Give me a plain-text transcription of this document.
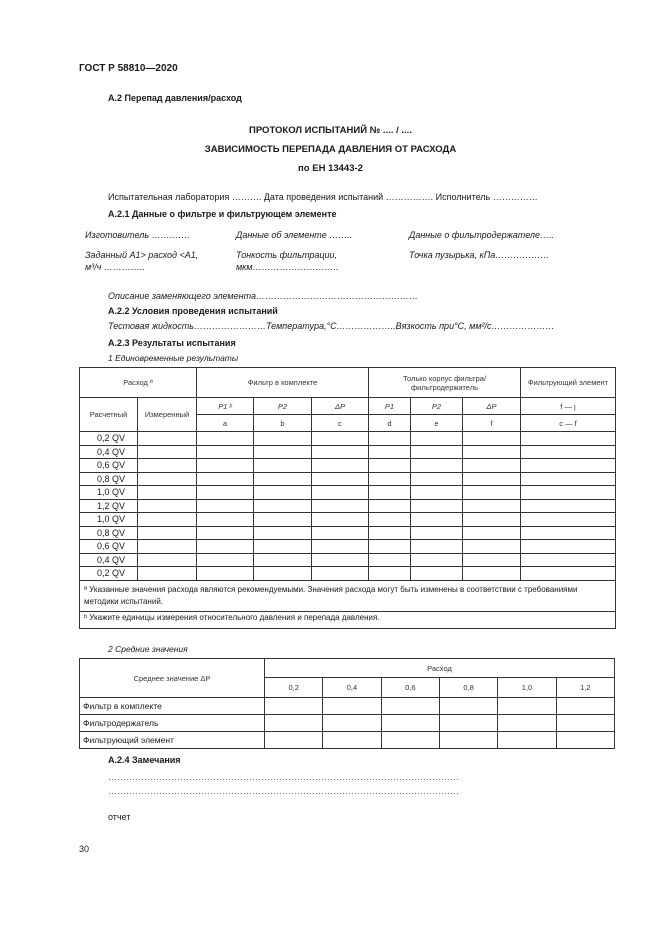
ГОСТ Р 58810—2020
А.2 Перепад давления/расход
ПРОТОКОЛ ИСПЫТАНИЙ № .... / ....
ЗАВИСИМОСТЬ ПЕРЕПАДА ДАВЛЕНИЯ ОТ РАСХОДА
по ЕН 13443-2
Испытательная лаборатория ………. Дата проведения испытаний ……………. Исполнитель ……………
А.2.1 Данные о фильтре и фильтрующем элементе
Изготовитель ……….…	Данные об элементе ……..	Данные о фильтродержателе…..
Заданный А1> расход <А1,
м³/ч …………..
Тонкость фильтрации,
мкм………………………..
Точка пузырька, кПа………………
Описание заменяющего элемента………………………………………………
А.2.2 Условия проведения испытаний
Тестовая жидкость……………………Температура,°С………………..Вязкость при°С, мм²/с…………………
А.2.3 Результаты испытания
1 Единовременные результаты
Расход ª		Фильтр в комплекте			Только корпус фильтра/ фильтродержатель			Фильтрующий элемент
Расчетный	Измеренный	P1 ᵇ	P2	ΔP	P1	P2	ΔP	f — j
		a	b	c	d	e	f	c — f
0,2 QV								
0,4 QV								
0,6 QV								
0,8 QV								
1,0 QV								
1,2 QV								
1,0 QV								
0,8 QV								
0,6 QV								
0,4 QV								
0,2 QV								
ª Указанные значения расхода являются рекомендуемыми. Значения расхода могут быть изменены в соответствии с требованиями методики испытаний.								
ᵇ Укажите единицы измерения относительного давления и перепада давления.								
2 Средние значения
Среднее значение ΔP	Расход					
	0,2	0,4	0,6	0,8	1,0	1,2
Фильтр в комплекте						
Фильтродержатель						
Фильтрующий элемент						
А.2.4 Замечания
………………………………………………………………………………………………………
………………………………………………………………………………………………………
отчет
30
